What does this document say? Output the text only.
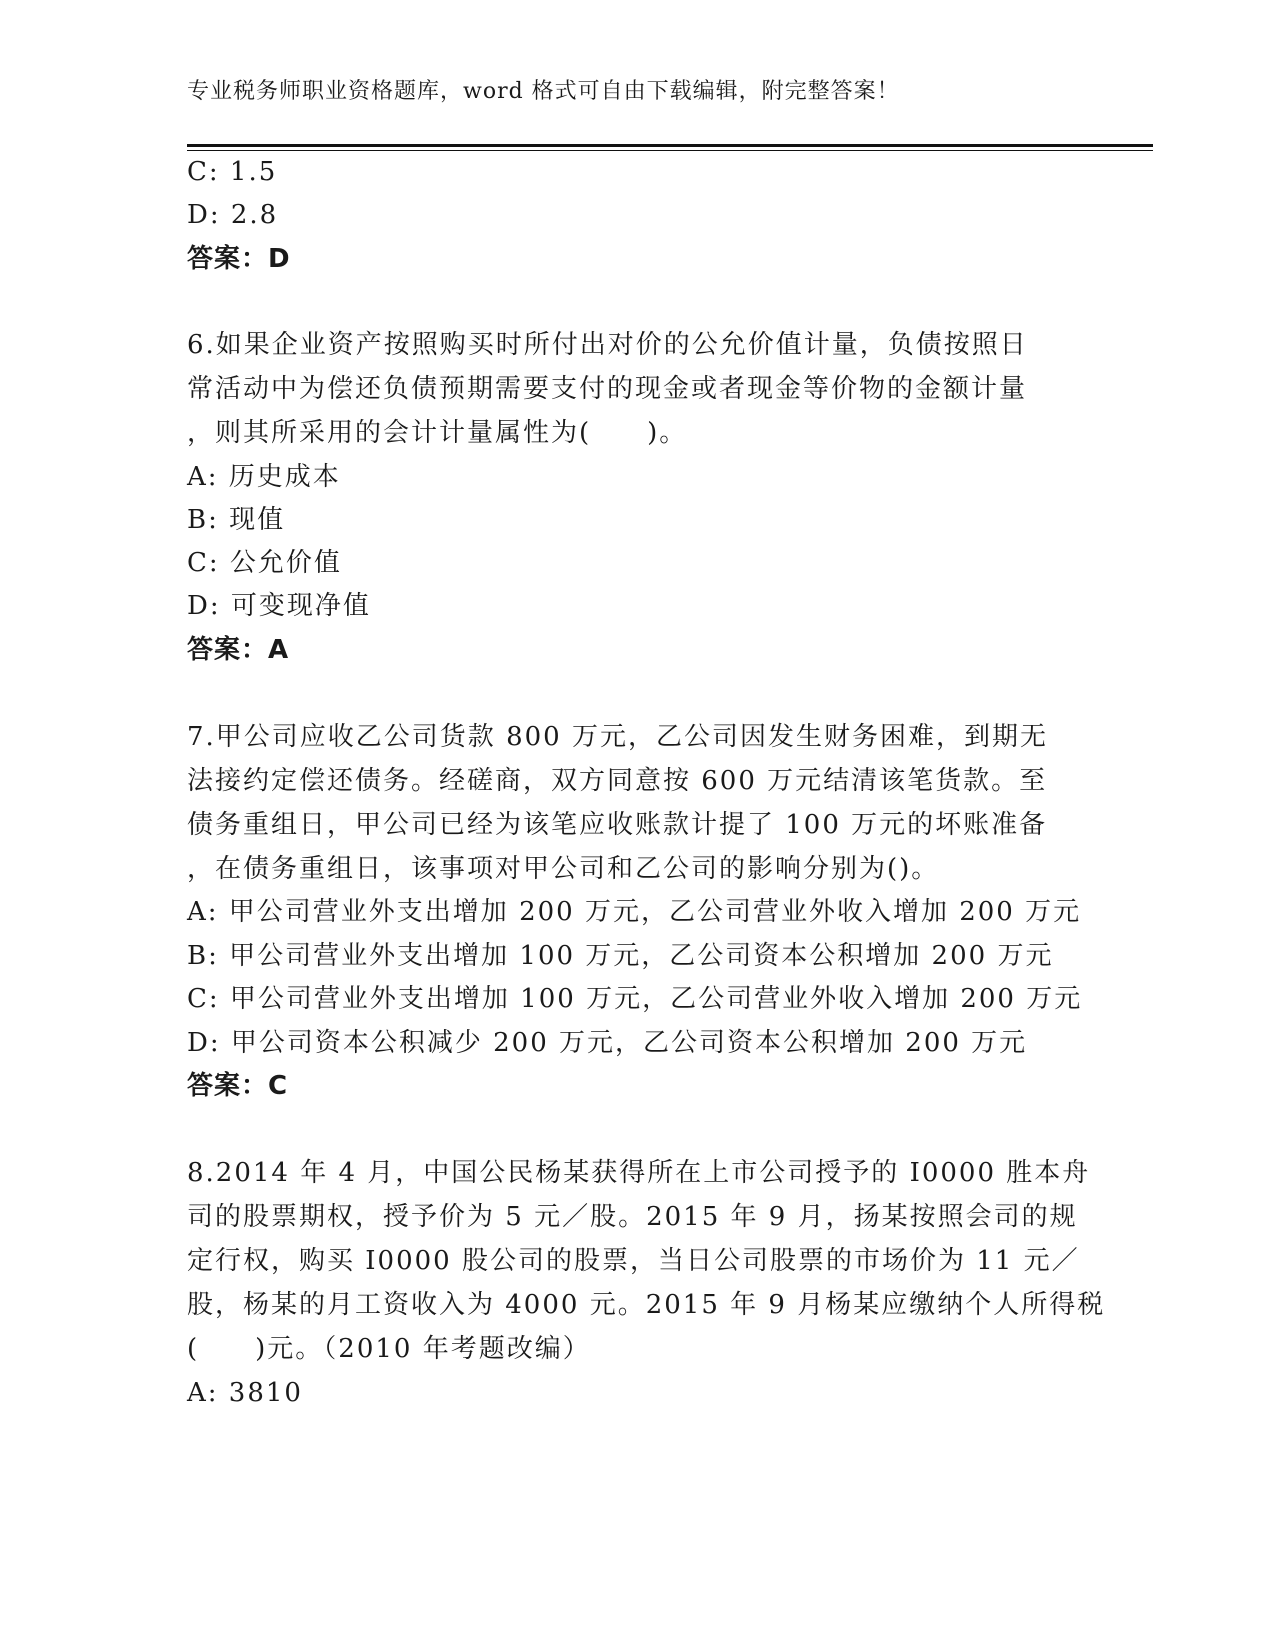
专业税务师职业资格题库，word 格式可自由下载编辑，附完整答案！
C: 1.5
D: 2.8
答案：D
6.如果企业资产按照购买时所付出对价的公允价值计量，负债按照日
常活动中为偿还负债预期需要支付的现金或者现金等价物的金额计量
，则其所采用的会计计量属性为(　　)。
A: 历史成本
B: 现值
C: 公允价值
D: 可变现净值
答案：A
7.甲公司应收乙公司货款 800 万元，乙公司因发生财务困难，到期无
法接约定偿还债务。经磋商，双方同意按 600 万元结清该笔货款。至
债务重组日，甲公司已经为该笔应收账款计提了 100 万元的坏账准备
，在债务重组日，该事项对甲公司和乙公司的影响分别为()。
A: 甲公司营业外支出增加 200 万元，乙公司营业外收入增加 200 万元
B: 甲公司营业外支出增加 100 万元，乙公司资本公积增加 200 万元
C: 甲公司营业外支出增加 100 万元，乙公司营业外收入增加 200 万元
D: 甲公司资本公积减少 200 万元，乙公司资本公积增加 200 万元
答案：C
8.2014 年 4 月，中国公民杨某获得所在上市公司授予的 I0000 胜本舟
司的股票期权，授予价为 5 元／股。2015 年 9 月，扬某按照会司的规
定行权，购买 I0000 股公司的股票，当日公司股票的市场价为 11 元／
股，杨某的月工资收入为 4000 元。2015 年 9 月杨某应缴纳个人所得税
(　　)元。（2010 年考题改编）
A: 3810
